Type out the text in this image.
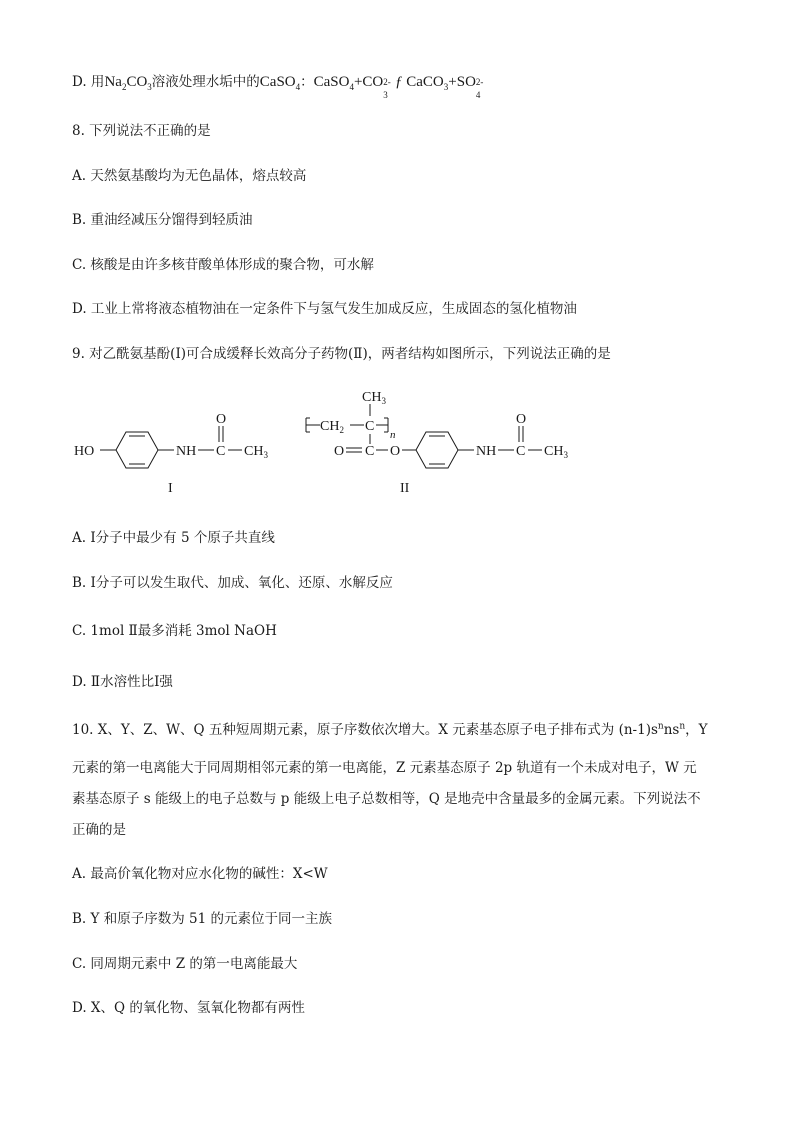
D. 用$Na_2CO_3$溶液处理水垢中的CaSO$_4$：CaSO$_4$+CO 2-
3
ƒ CaCO$_3$+SO 2-
4
8. 下列说法不正确的是
A. 天然氨基酸均为无色晶体，熔点较高
B. 重油经减压分馏得到轻质油
C. 核酸是由许多核苷酸单体形成的聚合物，可水解
D. 工业上常将液态植物油在一定条件下与氢气发生加成反应，生成固态的氢化植物油
9. 对乙酰氨基酚(Ⅰ)可合成缓释长效高分子药物(Ⅱ)，两者结构如图所示，下列说法正确的是
HO	NH C
O
$CH_3$
I
$CH_2$ C
$CH_3$
n
O C O	NH C
O
$CH_3$
II
A. Ⅰ分子中最少有 5 个原子共直线
B. Ⅰ分子可以发生取代、加成、氧化、还原、水解反应
C. 1mol Ⅱ最多消耗 3mol NaOH
D. Ⅱ水溶性比Ⅰ强
10. X、Y、Z、W、Q 五种短周期元素，原子序数依次增大。X 元素基态原子电子排布式为 $(n-1)s^nns^n$，Y
元素的第一电离能大于同周期相邻元素的第一电离能，Z 元素基态原子 2p 轨道有一个未成对电子，W 元
素基态原子 s 能级上的电子总数与 p 能级上电子总数相等，Q 是地壳中含量最多的金属元素。下列说法不
正确的是
A. 最高价氧化物对应水化物的碱性：X<W
B. Y 和原子序数为 51 的元素位于同一主族
C. 同周期元素中 Z 的第一电离能最大
D. X、Q 的氧化物、氢氧化物都有两性
